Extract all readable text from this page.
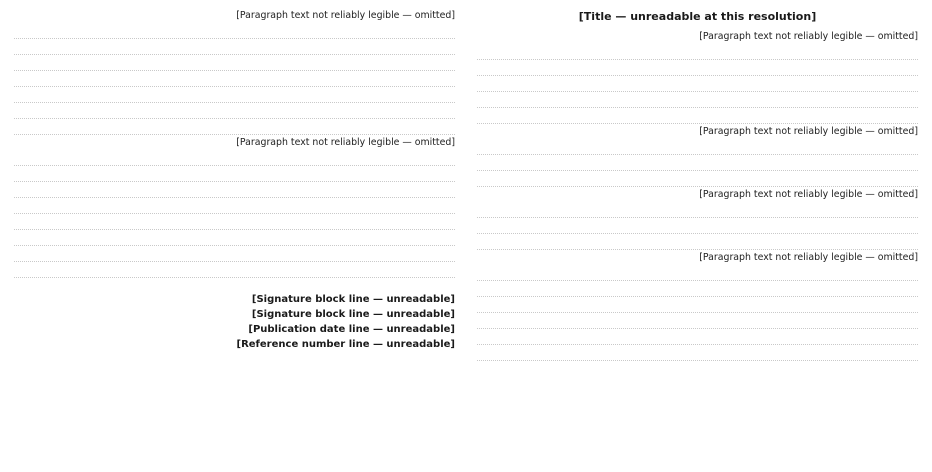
[Title — unreadable at this resolution]
[Paragraph text not reliably legible — omitted]
[Paragraph text not reliably legible — omitted]
[Paragraph text not reliably legible — omitted]
[Paragraph text not reliably legible — omitted]
[Paragraph text not reliably legible — omitted]
[Paragraph text not reliably legible — omitted]
[Signature block line — unreadable]
[Signature block line — unreadable]
[Publication date line — unreadable]
[Reference number line — unreadable]
